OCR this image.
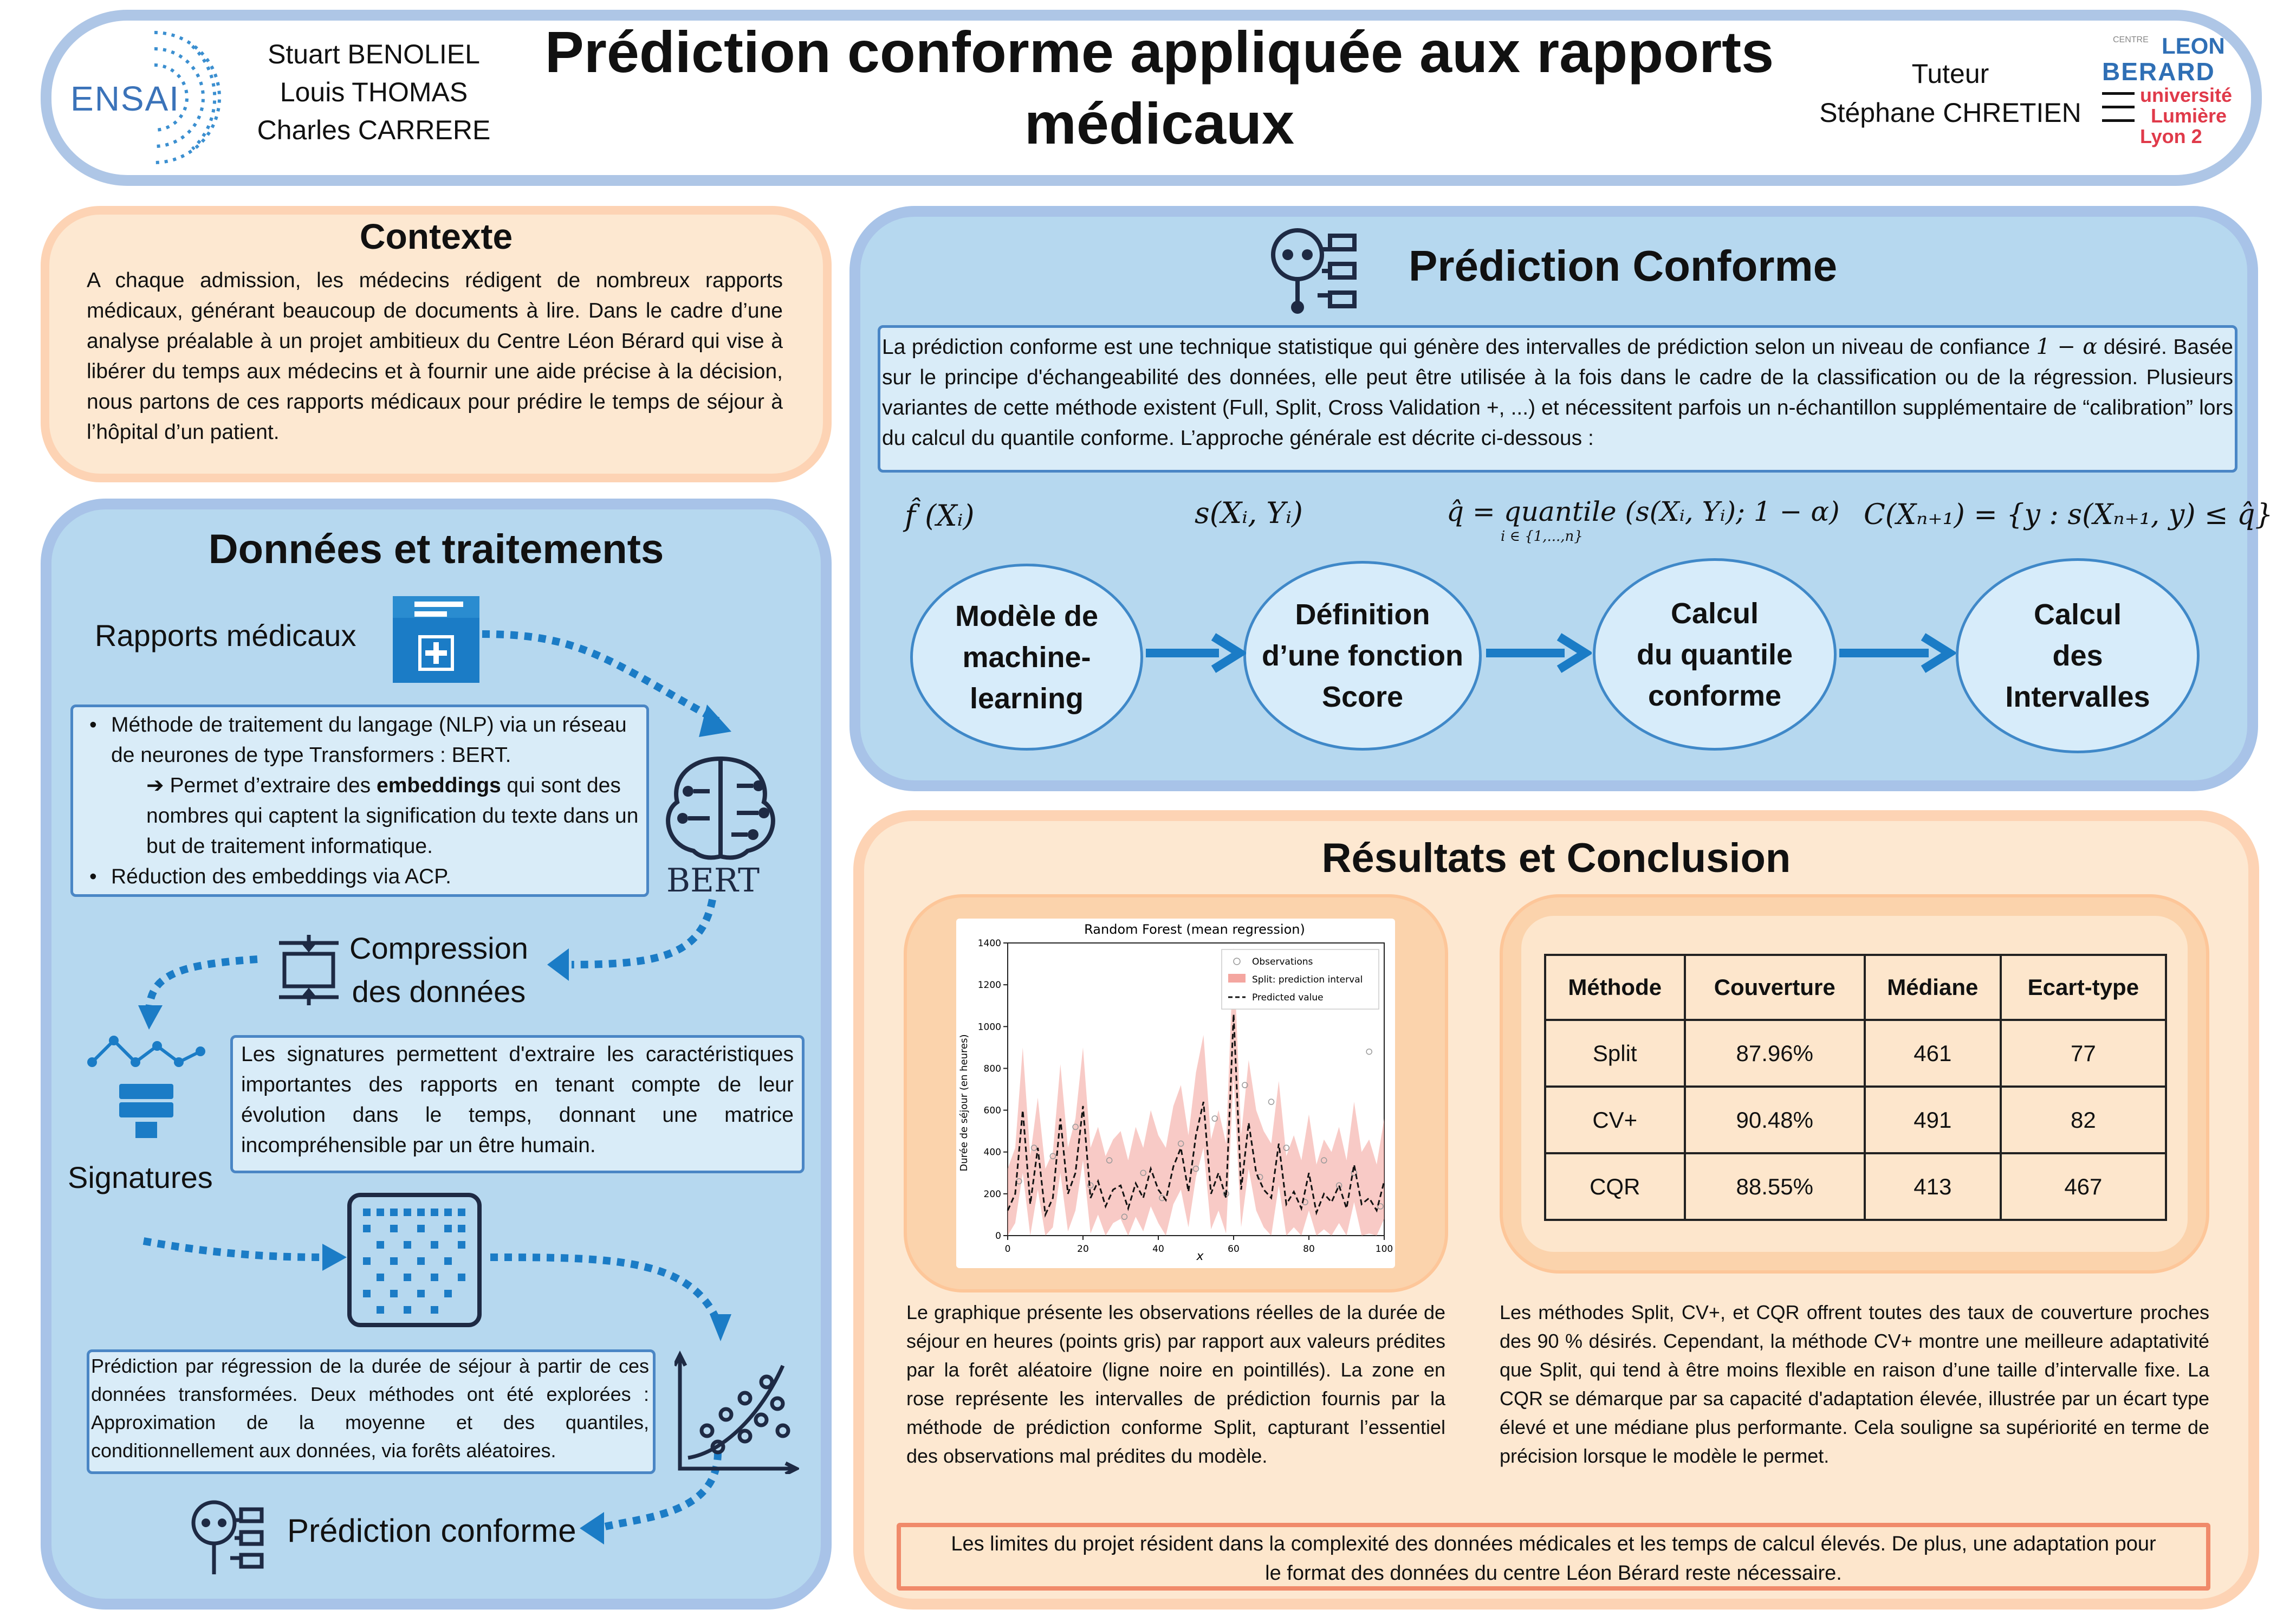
ENSAI
Stuart BENOLIEL
Louis THOMAS
Charles CARRERE
Prédiction conforme appliquée aux rapports
médicaux
Tuteur
Stéphane CHRETIEN
CENTRE LEON
BERARD
université
Lumière
Lyon 2
Contexte
A chaque admission, les médecins rédigent de nombreux rapports médicaux, générant beaucoup de documents à lire. Dans le cadre d’une analyse préalable à un projet ambitieux du Centre Léon Bérard qui vise à libérer du temps aux médecins et à fournir une aide précise à la décision, nous partons de ces rapports médicaux pour prédire le temps de séjour à l’hôpital d’un patient.
Données et traitements
Rapports médicaux
• Méthode de traitement du langage (NLP) via un réseau de neurones de type Transformers : BERT.
➔ Permet d’extraire des embeddings qui sont des nombres qui captent la signification du texte dans un but de traitement informatique.
• Réduction des embeddings via ACP.	BERT
Compression
des données
Signatures
Les signatures permettent d'extraire les caractéristiques importantes des rapports en tenant compte de leur évolution dans le temps, donnant une matrice incompréhensible par un être humain.
Prédiction par régression de la durée de séjour à partir de ces données transformées. Deux méthodes ont été explorées : Approximation de la moyenne et des quantiles, conditionnellement aux données, via forêts aléatoires.
Prédiction conforme
Prédiction Conforme
La prédiction conforme est une technique statistique qui génère des intervalles de prédiction selon un niveau de confiance 1 − α désiré. Basée sur le principe d'échangeabilité des données, elle peut être utilisée à la fois dans le cadre de la classification ou de la régression. Plusieurs variantes de cette méthode existent (Full, Split, Cross Validation +, ...) et nécessitent parfois un n-échantillon supplémentaire de “calibration” lors du calcul du quantile conforme. L’approche générale est décrite ci-dessous :
f̂ (Xᵢ)	s(Xᵢ, Yᵢ)	q̂ = quantile (s(Xᵢ, Yᵢ); 1 − α)
i ∈ {1,...,n}
C(Xₙ₊₁) = {y : s(Xₙ₊₁, y) ≤ q̂}
Modèle de
machine-
learning
Définition
d’une fonction
Score
Calcul
du quantile
conforme
Calcul
des
Intervalles
Résultats et Conclusion
Random Forest (mean regression)
x
Durée de séjour (en heures)
0
200
400
600
800
1000
1200
1400
0	20	40	60	80	100
Observations
Split: prediction interval
Predicted value	Méthode	Couverture	Médiane	Ecart-type
Split	87.96%	461	77
CV+	90.48%	491	82
CQR	88.55%	413	467
Le graphique présente les observations réelles de la durée de séjour en heures (points gris) par rapport aux valeurs prédites par la forêt aléatoire (ligne noire en pointillés). La zone en rose représente les intervalles de prédiction fournis par la méthode de prédiction conforme Split, capturant l’essentiel des observations mal prédites du modèle.
Les méthodes Split, CV+, et CQR offrent toutes des taux de couverture proches des 90 % désirés. Cependant, la méthode CV+ montre une meilleure adaptativité que Split, qui tend à être moins flexible en raison d’une taille d’intervalle fixe. La CQR se démarque par sa capacité d'adaptation élevée, illustrée par un écart type élevé et une médiane plus performante. Cela souligne sa supériorité en terme de précision lorsque le modèle le permet.
Les limites du projet résident dans la complexité des données médicales et les temps de calcul élevés. De plus, une adaptation pour
le format des données du centre Léon Bérard reste nécessaire.
